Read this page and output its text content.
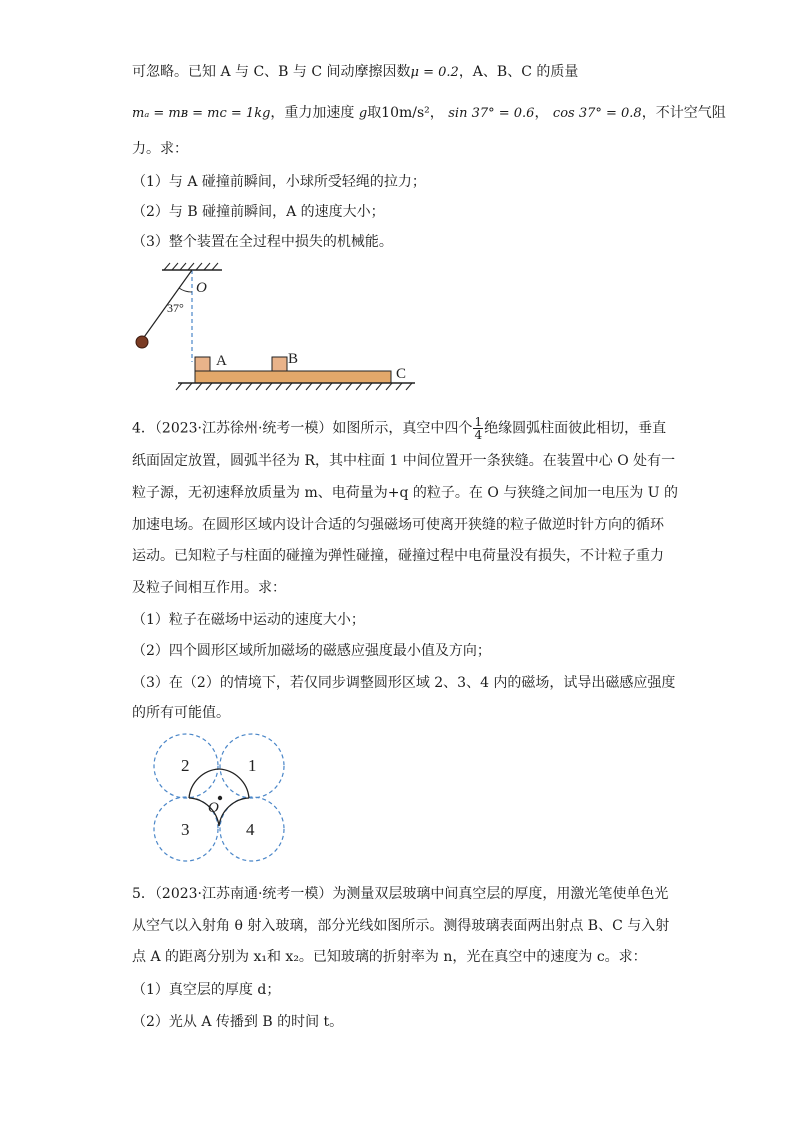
可忽略。已知 A 与 C、B 与 C 间动摩擦因数μ = 0.2，A、B、C 的质量
mₐ = mʙ = mᴄ = 1kg，重力加速度 g取10m/s²， sin 37° = 0.6， cos 37° = 0.8，不计空气阻
力。求：
（1）与 A 碰撞前瞬间，小球所受轻绳的拉力；
（2）与 B 碰撞前瞬间，A 的速度大小；
（3）整个装置在全过程中损失的机械能。
O
37°
A	B
C
4．（2023·江苏徐州·统考一模）如图所示，真空中四个 $\frac{1}{4}$ 绝缘圆弧柱面彼此相切，垂直
纸面固定放置，圆弧半径为 R，其中柱面 1 中间位置开一条狭缝。在装置中心 O 处有一
粒子源，无初速释放质量为 m、电荷量为+q 的粒子。在 O 与狭缝之间加一电压为 U 的
加速电场。在圆形区域内设计合适的匀强磁场可使离开狭缝的粒子做逆时针方向的循环
运动。已知粒子与柱面的碰撞为弹性碰撞，碰撞过程中电荷量没有损失，不计粒子重力
及粒子间相互作用。求：
（1）粒子在磁场中运动的速度大小；
（2）四个圆形区域所加磁场的磁感应强度最小值及方向；
（3）在（2）的情境下，若仅同步调整圆形区域 2、3、4 内的磁场，试导出磁感应强度
的所有可能值。
O
2	1
3	4
5．（2023·江苏南通·统考一模）为测量双层玻璃中间真空层的厚度，用激光笔使单色光
从空气以入射角 θ 射入玻璃，部分光线如图所示。测得玻璃表面两出射点 B、C 与入射
点 A 的距离分别为 x₁和 x₂。已知玻璃的折射率为 n，光在真空中的速度为 c。求：
（1）真空层的厚度 d；
（2）光从 A 传播到 B 的时间 t。
